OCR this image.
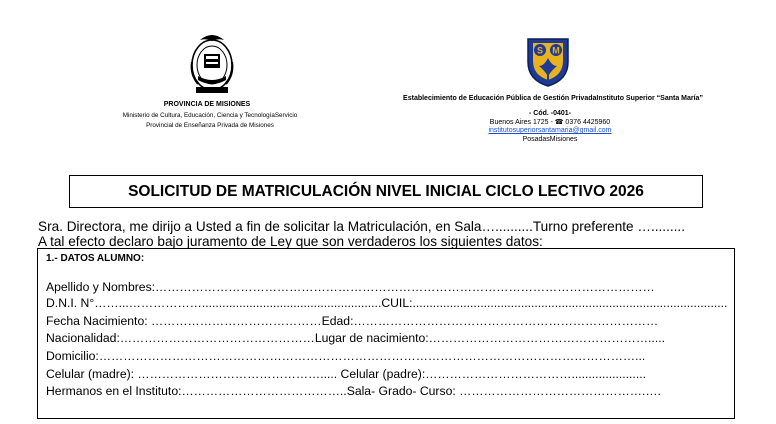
PROVINCIA DE MISIONES
Ministerio de Cultura, Educación, Ciencia y TecnologíaServicio
Provincial de Enseñanza Privada de Misiones
S M
Establecimiento de Educación Pública de Gestión PrivadaInstituto Superior “Santa María”
- Cód. -0401-
Buenos Aires 1725 - ☎ 0376 4425960
institutosuperiorsantamaria@gmail.com
PosadasMisiones
SOLICITUD DE MATRICULACIÓN NIVEL INICIAL CICLO LECTIVO 2026
Sra. Directora, me dirijo a Usted a fin de solicitar la Matriculación, en Sala…..........Turno preferente ….........
A tal efecto declaro bajo juramento de Ley que son verdaderos los siguientes datos:
1.- DATOS ALUMNO:
Apellido y Nombres:……………………………………………………………………………………………………………
D.N.I. N°……...……………….....................................................CUIL:.............................................................................................
Fecha Nacimiento: ……………………………………Edad:…………………………………………………………………
Nacionalidad:…………………………………………Lugar de nacimiento:……………………………………………….....
Domicilio:……………………………………………………………………………………………………………………...
Celular (madre): ………………………………………..... Celular (padre):………………………………......................
Hermanos en el Instituto:…………………………………..Sala- Grado- Curso: ……………………………………….….
